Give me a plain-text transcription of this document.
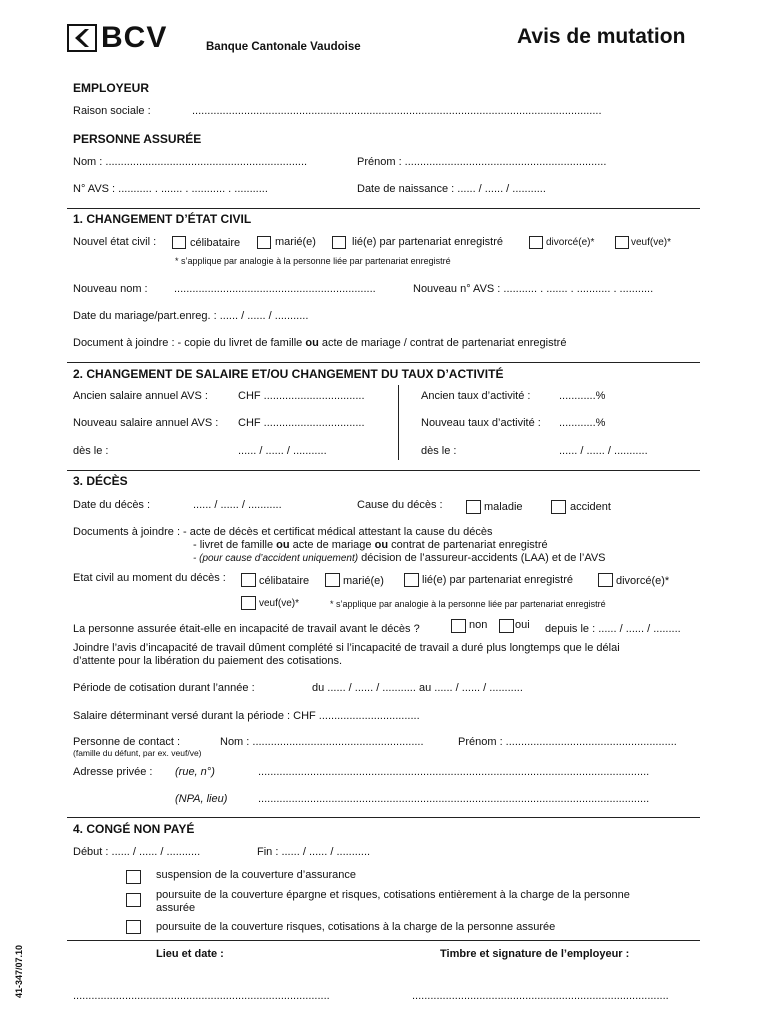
BCV	Banque Cantonale Vaudoise	Avis de mutation
EMPLOYEUR
Raison sociale :	......................................................................................................................................
PERSONNE ASSURÉE
Nom : ..................................................................	Prénom : ..................................................................
N° AVS : ........... . ....... . ........... . ...........	Date de naissance : ...... / ...... / ...........
1. CHANGEMENT D’ÉTAT CIVIL
Nouvel état civil :	célibataire	marié(e)	lié(e) par partenariat enregistré	divorcé(e)*	veuf(ve)*
* s’applique par analogie à la personne liée par partenariat enregistré
Nouveau nom : ..................................................................	Nouveau n° AVS : ........... . ....... . ........... . ...........
Date du mariage/part.enreg. : ...... / ...... / ...........
Document à joindre : - copie du livret de famille ou acte de mariage / contrat de partenariat enregistré
2. CHANGEMENT DE SALAIRE ET/OU CHANGEMENT DU TAUX D’ACTIVITÉ
Ancien salaire annuel AVS :	CHF .................................	Ancien taux d’activité :	............%
Nouveau salaire annuel AVS : CHF .................................	Nouveau taux d’activité : ............%
dès le :	...... / ...... / ...........	dès le :	...... / ...... / ...........
3. DÉCÈS
Date du décès :	...... / ...... / ...........	Cause du décès :	maladie	accident
Documents à joindre : - acte de décès et certificat médical attestant la cause du décès
- livret de famille ou acte de mariage ou contrat de partenariat enregistré
- (pour cause d’accident uniquement) décision de l’assureur-accidents (LAA) et de l’AVS
Etat civil au moment du décès :	célibataire	marié(e)	lié(e) par partenariat enregistré	divorcé(e)*
veuf(ve)*	* s’applique par analogie à la personne liée par partenariat enregistré
La personne assurée était-elle en incapacité de travail avant le décès ?	non	oui depuis le : ...... / ...... / .........
Joindre l’avis d’incapacité de travail dûment complété si l’incapacité de travail a duré plus longtemps que le délai
d’attente pour la libération du paiement des cotisations.
Période de cotisation durant l’année :	du ...... / ...... / ........... au ...... / ...... / ...........
Salaire déterminant versé durant la période : CHF .................................
Personne de contact :
(famille du défunt, par ex. veuf/ve)
Nom : ........................................................	Prénom : ........................................................
Adresse privée : (rue, n°)	................................................................................................................................
(NPA, lieu)	................................................................................................................................
4. CONGÉ NON PAYÉ
Début : ...... / ...... / ...........	Fin : ...... / ...... / ...........
suspension de la couverture d’assurance
poursuite de la couverture épargne et risques, cotisations entièrement à la charge de la personne
assurée
poursuite de la couverture risques, cotisations à la charge de la personne assurée
Lieu et date :	Timbre et signature de l’employeur :
....................................................................................	....................................................................................
41-347/07.10
